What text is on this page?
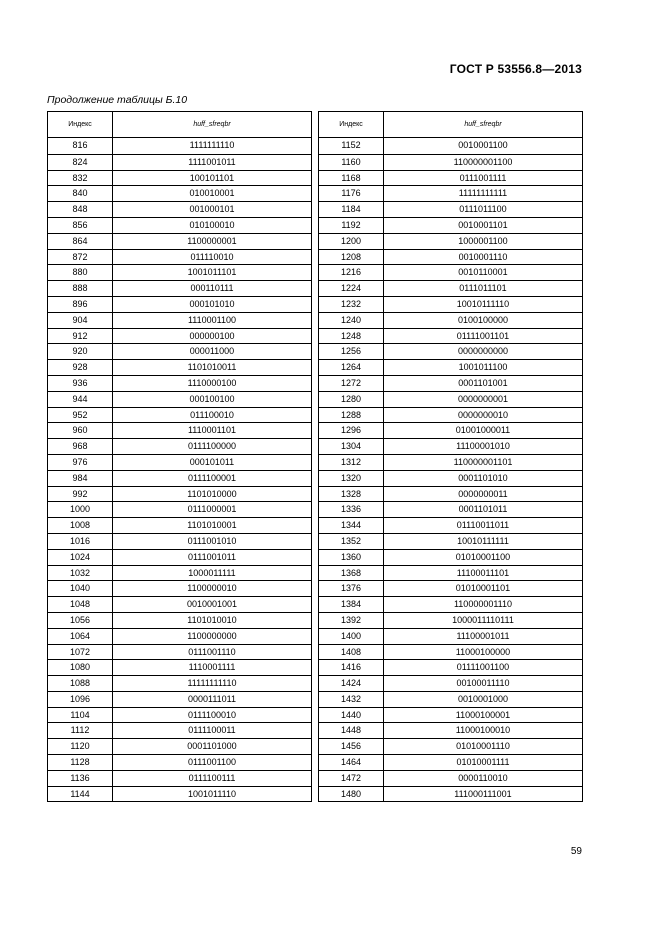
ГОСТ Р 53556.8—2013
Продолжение таблицы Б.10
Индекс	huff_sfreqbr
816	1111111110
824	1111001011
832	100101101
840	010010001
848	001000101
856	010100010
864	1100000001
872	011110010
880	1001011101
888	000110111
896	000101010
904	1110001100
912	000000100
920	000011000
928	1101010011
936	1110000100
944	000100100
952	011100010
960	1110001101
968	0111100000
976	000101011
984	0111100001
992	1101010000
1000	0111000001
1008	1101010001
1016	0111001010
1024	0111001011
1032	1000011111
1040	1100000010
1048	0010001001
1056	1101010010
1064	1100000000
1072	0111001110
1080	1110001111
1088	11111111110
1096	0000111011
1104	0111100010
1112	0111100011
1120	0001101000
1128	0111001100
1136	0111100111
1144	1001011110
Индекс	huff_sfreqbr
1152	0010001100
1160	110000001100
1168	0111001111
1176	11111111111
1184	0111011100
1192	0010001101
1200	1000001100
1208	0010001110
1216	0010110001
1224	0111011101
1232	10010111110
1240	0100100000
1248	01111001101
1256	0000000000
1264	1001011100
1272	0001101001
1280	0000000001
1288	0000000010
1296	01001000011
1304	11100001010
1312	110000001101
1320	0001101010
1328	0000000011
1336	0001101011
1344	01110011011
1352	10010111111
1360	01010001100
1368	11100011101
1376	01010001101
1384	110000001110
1392	1000011110111
1400	11100001011
1408	11000100000
1416	01111001100
1424	00100011110
1432	0010001000
1440	11000100001
1448	11000100010
1456	01010001110
1464	01010001111
1472	0000110010
1480	111000111001
59
